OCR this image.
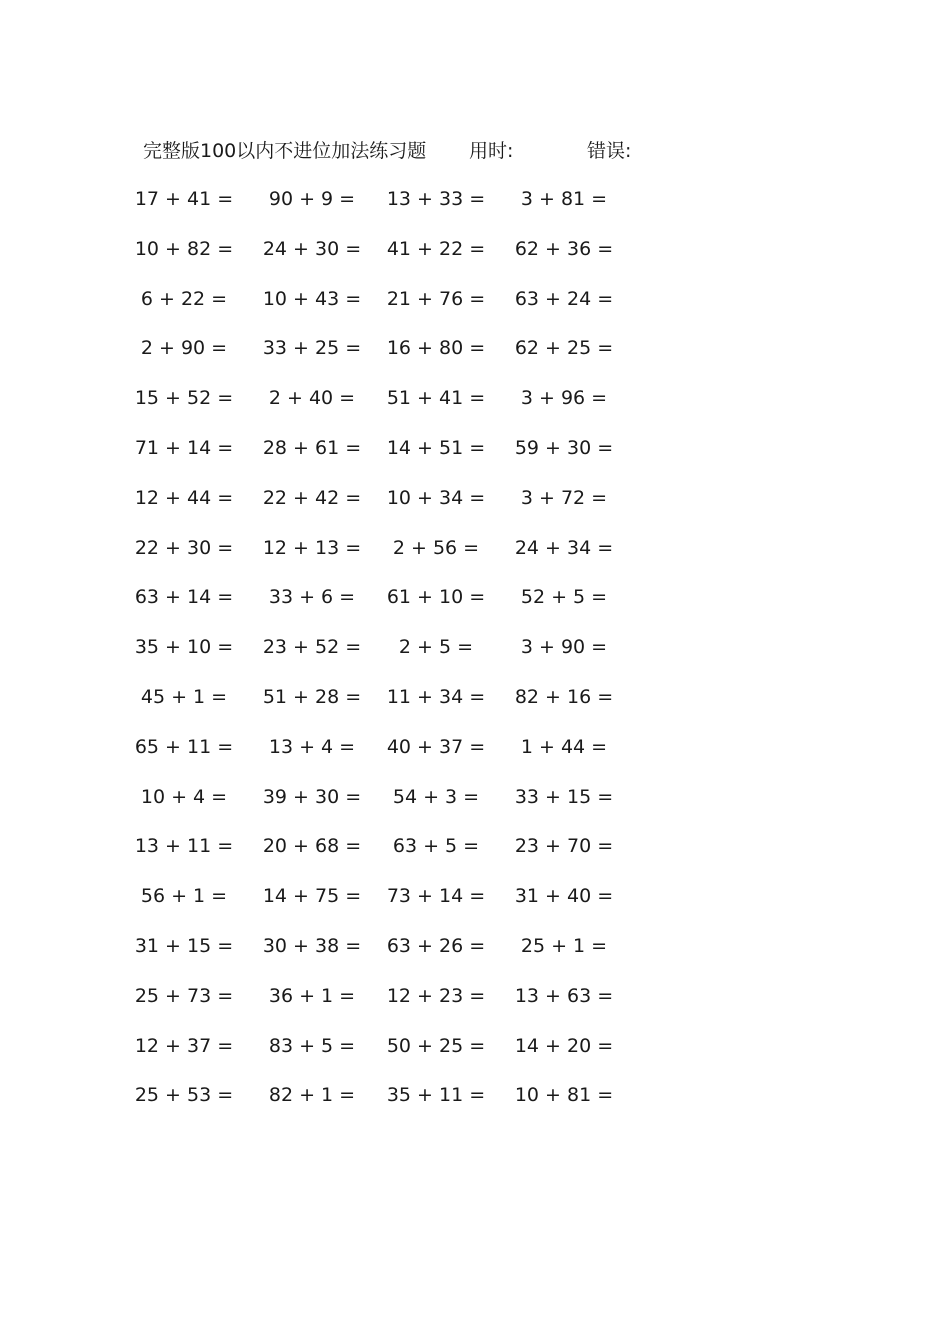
完整版100以内不进位加法练习题 用时:	错误:
17 + 41 =	90 + 9 =	13 + 33 =	3 + 81 =
10 + 82 =	24 + 30 =	41 + 22 =	62 + 36 =
6 + 22 =	10 + 43 =	21 + 76 =	63 + 24 =
2 + 90 =	33 + 25 =	16 + 80 =	62 + 25 =
15 + 52 =	2 + 40 =	51 + 41 =	3 + 96 =
71 + 14 =	28 + 61 =	14 + 51 =	59 + 30 =
12 + 44 =	22 + 42 =	10 + 34 =	3 + 72 =
22 + 30 =	12 + 13 =	2 + 56 =	24 + 34 =
63 + 14 =	33 + 6 =	61 + 10 =	52 + 5 =
35 + 10 =	23 + 52 =	2 + 5 =	3 + 90 =
45 + 1 =	51 + 28 =	11 + 34 =	82 + 16 =
65 + 11 =	13 + 4 =	40 + 37 =	1 + 44 =
10 + 4 =	39 + 30 =	54 + 3 =	33 + 15 =
13 + 11 =	20 + 68 =	63 + 5 =	23 + 70 =
56 + 1 =	14 + 75 =	73 + 14 =	31 + 40 =
31 + 15 =	30 + 38 =	63 + 26 =	25 + 1 =
25 + 73 =	36 + 1 =	12 + 23 =	13 + 63 =
12 + 37 =	83 + 5 =	50 + 25 =	14 + 20 =
25 + 53 =	82 + 1 =	35 + 11 =	10 + 81 =
